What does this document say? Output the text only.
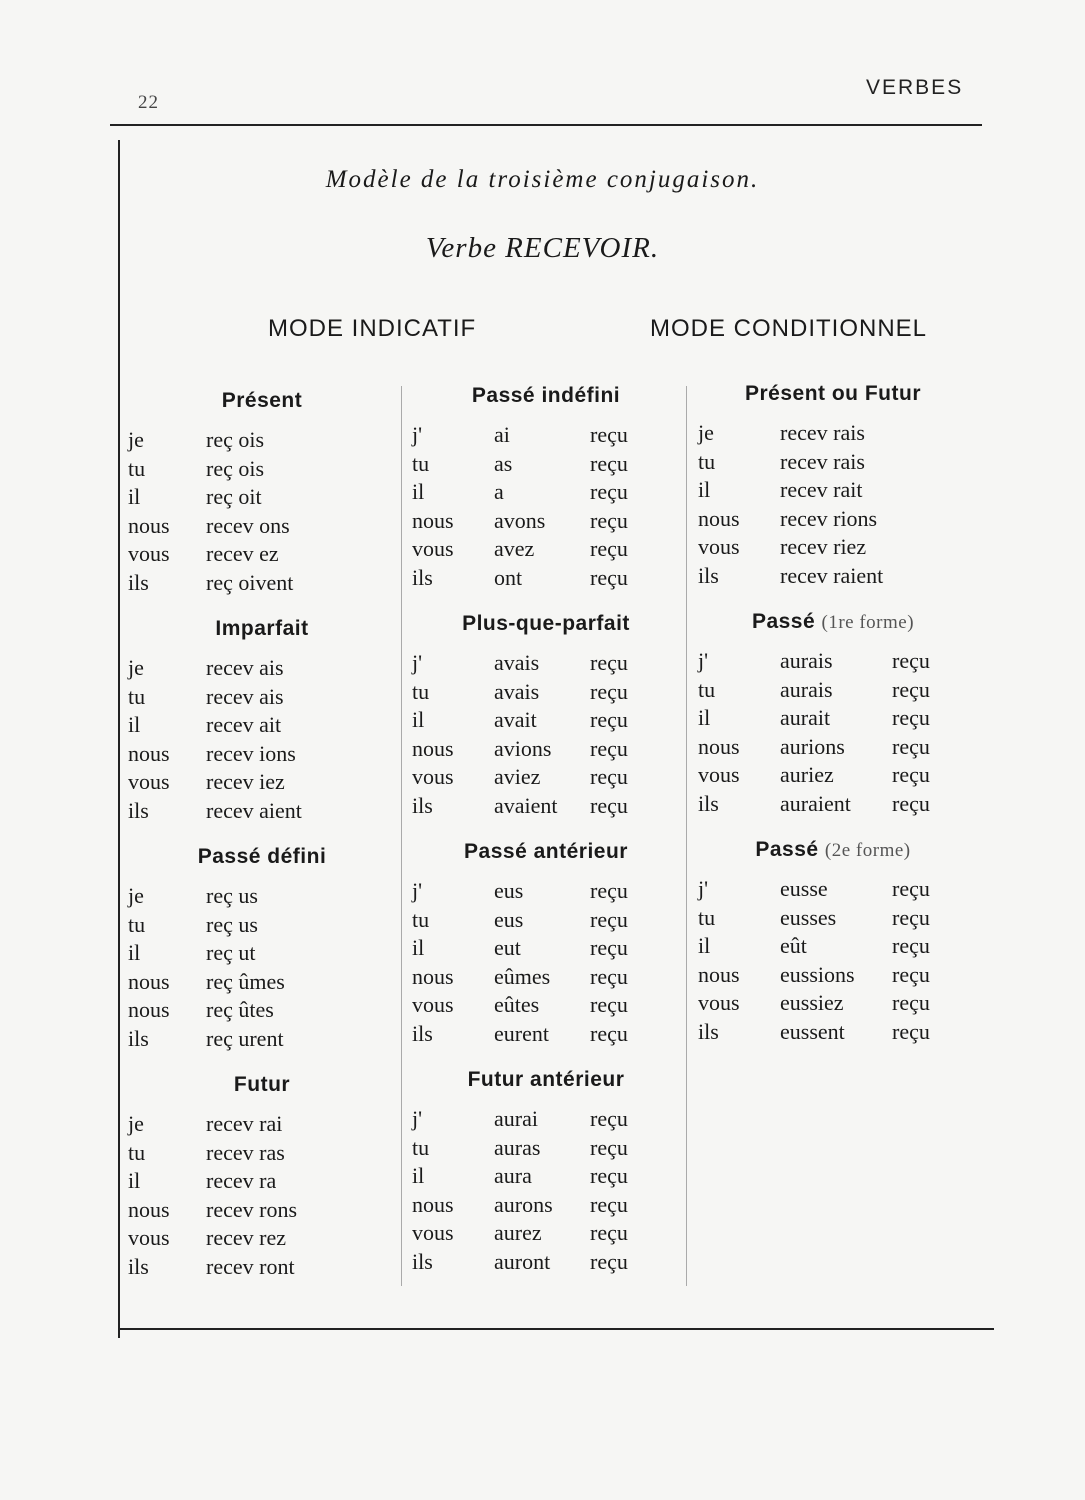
22
VERBES
Modèle de la troisième conjugaison.
Verbe RECEVOIR.
MODE INDICATIF	MODE CONDITIONNEL
Présent
je	reç ois
tu	reç ois
il	reç oit
nous	recev ons
vous	recev ez
ils	reç oivent
Imparfait
je	recev ais
tu	recev ais
il	recev ait
nous	recev ions
vous	recev iez
ils	recev aient
Passé défini
je	reç us
tu	reç us
il	reç ut
nous	reç ûmes
nous	reç ûtes
ils	reç urent
Futur
je	recev rai
tu	recev ras
il	recev ra
nous	recev rons
vous	recev rez
ils	recev ront
Passé indéfini
j'	ai	reçu
tu	as	reçu
il	a	reçu
nous	avons	reçu
vous	avez	reçu
ils	ont	reçu
Plus-que-parfait
j'	avais	reçu
tu	avais	reçu
il	avait	reçu
nous	avions	reçu
vous	aviez	reçu
ils	avaient	reçu
Passé antérieur
j'	eus	reçu
tu	eus	reçu
il	eut	reçu
nous	eûmes	reçu
vous	eûtes	reçu
ils	eurent	reçu
Futur antérieur
j'	aurai	reçu
tu	auras	reçu
il	aura	reçu
nous	aurons	reçu
vous	aurez	reçu
ils	auront	reçu
Présent ou Futur
je	recev rais
tu	recev rais
il	recev rait
nous	recev rions
vous	recev riez
ils	recev raient
Passé (1re forme)
j'	aurais	reçu
tu	aurais	reçu
il	aurait	reçu
nous	aurions	reçu
vous	auriez	reçu
ils	auraient	reçu
Passé (2e forme)
j'	eusse	reçu
tu	eusses	reçu
il	eût	reçu
nous	eussions	reçu
vous	eussiez	reçu
ils	eussent	reçu
